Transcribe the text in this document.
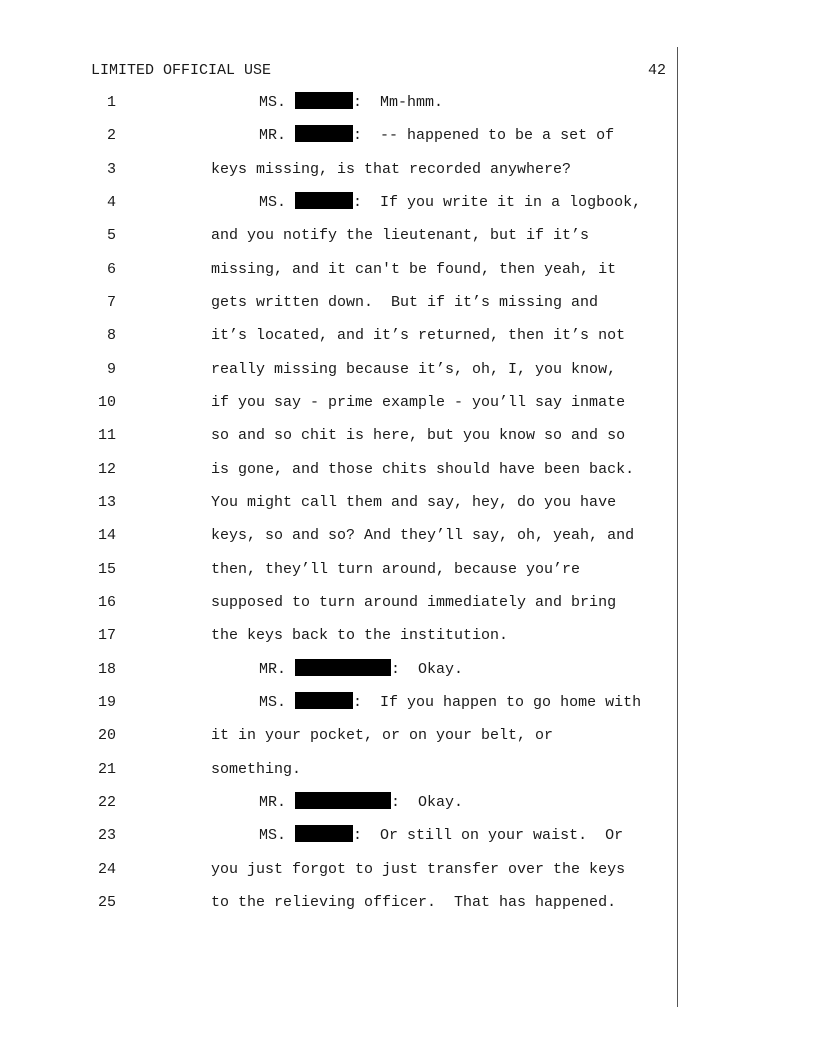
LIMITED OFFICIAL USE	42
1	MS.	:  Mm-hmm.
2	MR.	:  -- happened to be a set of
3	keys missing, is that recorded anywhere?
4	MS.	:  If you write it in a logbook,
5	and you notify the lieutenant, but if it’s
6	missing, and it can't be found, then yeah, it
7	gets written down.  But if it’s missing and
8	it’s located, and it’s returned, then it’s not
9	really missing because it’s, oh, I, you know,
10	if you say - prime example - you’ll say inmate
11	so and so chit is here, but you know so and so
12	is gone, and those chits should have been back.
13	You might call them and say, hey, do you have
14	keys, so and so? And they’ll say, oh, yeah, and
15	then, they’ll turn around, because you’re
16	supposed to turn around immediately and bring
17	the keys back to the institution.
18	MR.	:  Okay.
19	MS.	:  If you happen to go home with
20	it in your pocket, or on your belt, or
21	something.
22	MR.	:  Okay.
23	MS.	:  Or still on your waist.  Or
24	you just forgot to just transfer over the keys
25	to the relieving officer.  That has happened.
